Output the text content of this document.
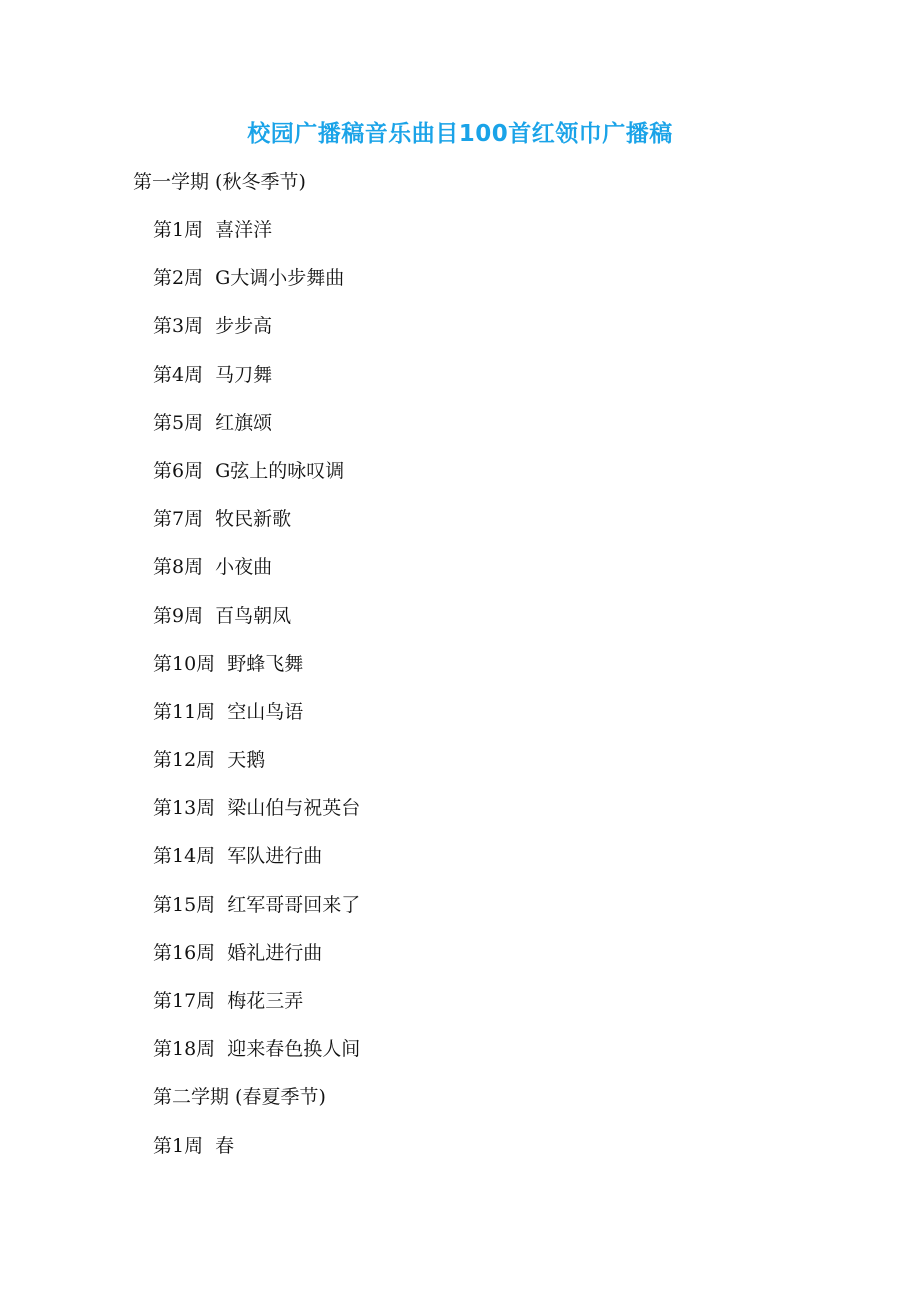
校园广播稿音乐曲目100首红领巾广播稿
第一学期 (秋冬季节)
第1周 喜洋洋
第2周 G大调小步舞曲
第3周 步步高
第4周 马刀舞
第5周 红旗颂
第6周 G弦上的咏叹调
第7周 牧民新歌
第8周 小夜曲
第9周 百鸟朝凤
第10周 野蜂飞舞
第11周 空山鸟语
第12周 天鹅
第13周 梁山伯与祝英台
第14周 军队进行曲
第15周 红军哥哥回来了
第16周 婚礼进行曲
第17周 梅花三弄
第18周 迎来春色换人间
第二学期 (春夏季节)
第1周 春
